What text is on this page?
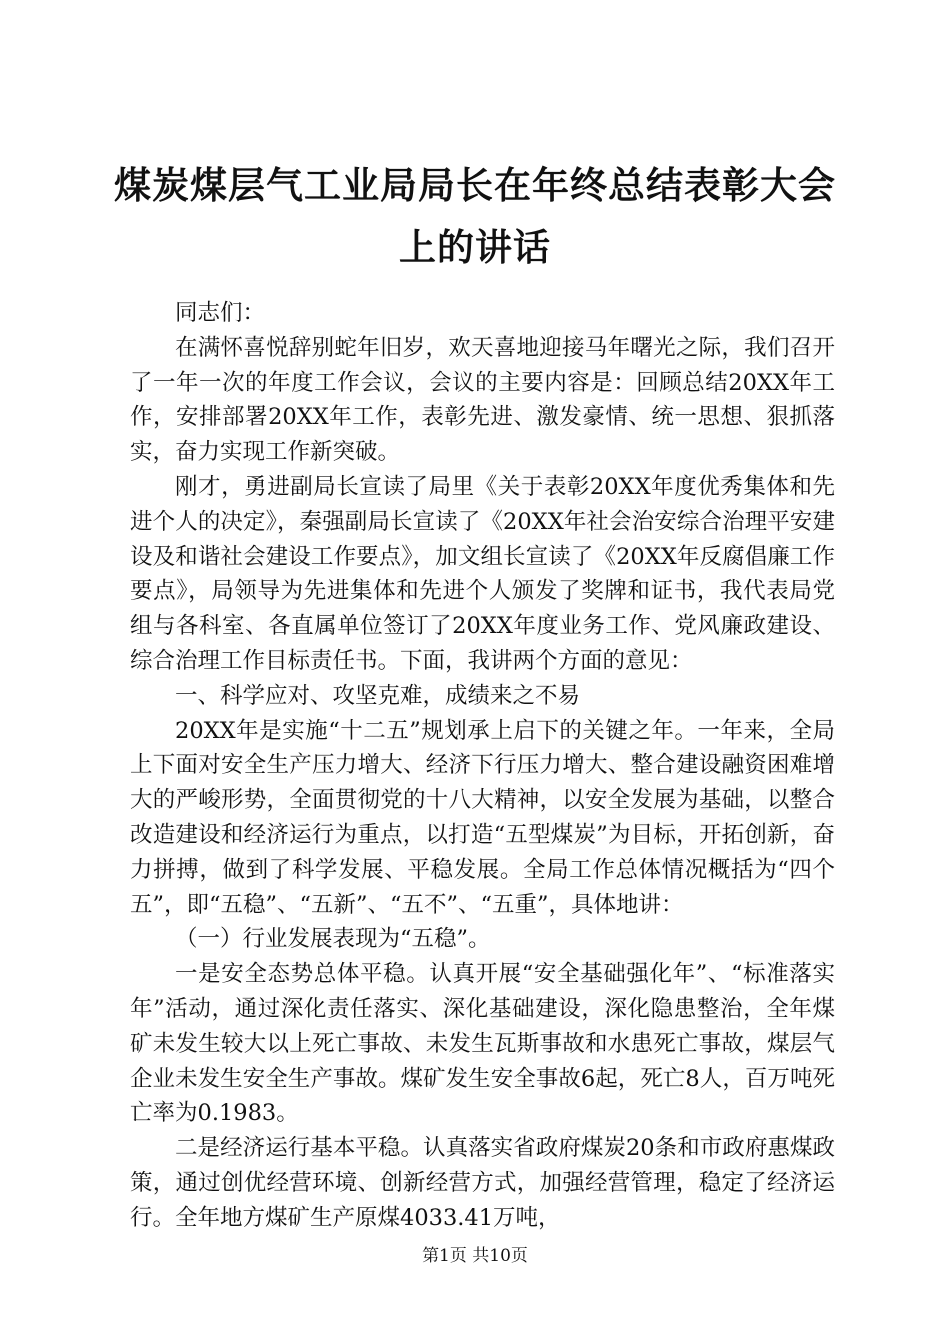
煤炭煤层气工业局局长在年终总结表彰大会上的讲话

同志们：

在满怀喜悦辞别蛇年旧岁，欢天喜地迎接马年曙光之际，我们召开了一年一次的年度工作会议，会议的主要内容是：回顾总结20XX年工作，安排部署20XX年工作，表彰先进、激发豪情、统一思想、狠抓落实，奋力实现工作新突破。

刚才，勇进副局长宣读了局里《关于表彰20XX年度优秀集体和先进个人的决定》，秦强副局长宣读了《20XX年社会治安综合治理平安建设及和谐社会建设工作要点》，加文组长宣读了《20XX年反腐倡廉工作要点》，局领导为先进集体和先进个人颁发了奖牌和证书，我代表局党组与各科室、各直属单位签订了20XX年度业务工作、党风廉政建设、综合治理工作目标责任书。下面，我讲两个方面的意见：

一、科学应对、攻坚克难，成绩来之不易

20XX年是实施“十二五”规划承上启下的关键之年。一年来，全局上下面对安全生产压力增大、经济下行压力增大、整合建设融资困难增大的严峻形势，全面贯彻党的十八大精神，以安全发展为基础，以整合改造建设和经济运行为重点，以打造“五型煤炭”为目标，开拓创新，奋力拼搏，做到了科学发展、平稳发展。全局工作总体情况概括为“四个五”，即“五稳”、“五新”、“五不”、“五重”，具体地讲：

（一）行业发展表现为“五稳”。

一是安全态势总体平稳。认真开展“安全基础强化年”、“标准落实年”活动，通过深化责任落实、深化基础建设，深化隐患整治，全年煤矿未发生较大以上死亡事故、未发生瓦斯事故和水患死亡事故，煤层气企业未发生安全生产事故。煤矿发生安全事故6起，死亡8人，百万吨死亡率为0.1983。

二是经济运行基本平稳。认真落实省政府煤炭20条和市政府惠煤政策，通过创优经营环境、创新经营方式，加强经营管理，稳定了经济运行。全年地方煤矿生产原煤4033.41万吨，

第1页 共10页
